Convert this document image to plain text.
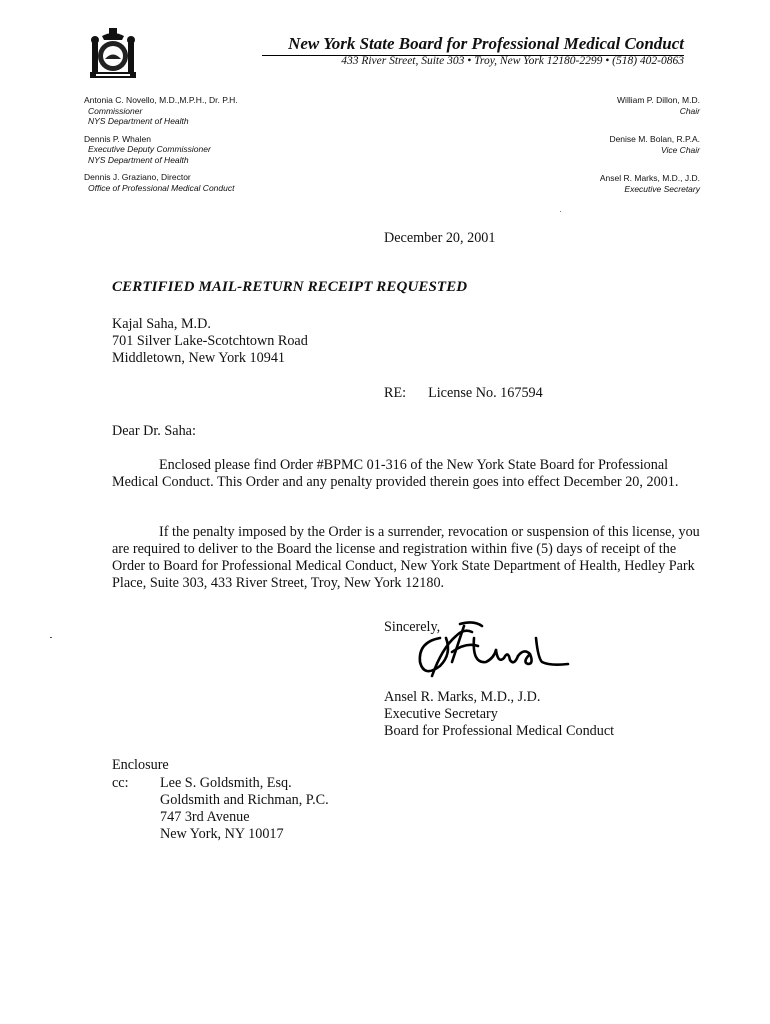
New York State Board for Professional Medical Conduct
433 River Street, Suite 303 • Troy, New York 12180-2299 • (518) 402-0863
Antonia C. Novello, M.D.,M.P.H., Dr. P.H.
Commissioner
NYS Department of Health
Dennis P. Whalen
Executive Deputy Commissioner
NYS Department of Health
Dennis J. Graziano, Director
Office of Professional Medical Conduct
William P. Dillon, M.D.
Chair
Denise M. Bolan, R.P.A.
Vice Chair
Ansel R. Marks, M.D., J.D.
Executive Secretary
December 20, 2001
CERTIFIED MAIL-RETURN RECEIPT REQUESTED
Kajal Saha, M.D.
701 Silver Lake-Scotchtown Road
Middletown, New York 10941
RE: License No. 167594
Dear Dr. Saha:
Enclosed please find Order #BPMC 01-316 of the New York State Board for Professional Medical Conduct. This Order and any penalty provided therein goes into effect December 20, 2001.
If the penalty imposed by the Order is a surrender, revocation or suspension of this license, you are required to deliver to the Board the license and registration within five (5) days of receipt of the Order to Board for Professional Medical Conduct, New York State Department of Health, Hedley Park Place, Suite 303, 433 River Street, Troy, New York 12180.
Sincerely,
Ansel R. Marks, M.D., J.D.
Executive Secretary
Board for Professional Medical Conduct
Enclosure
cc: Lee S. Goldsmith, Esq.
Goldsmith and Richman, P.C.
747 3rd Avenue
New York, NY 10017
